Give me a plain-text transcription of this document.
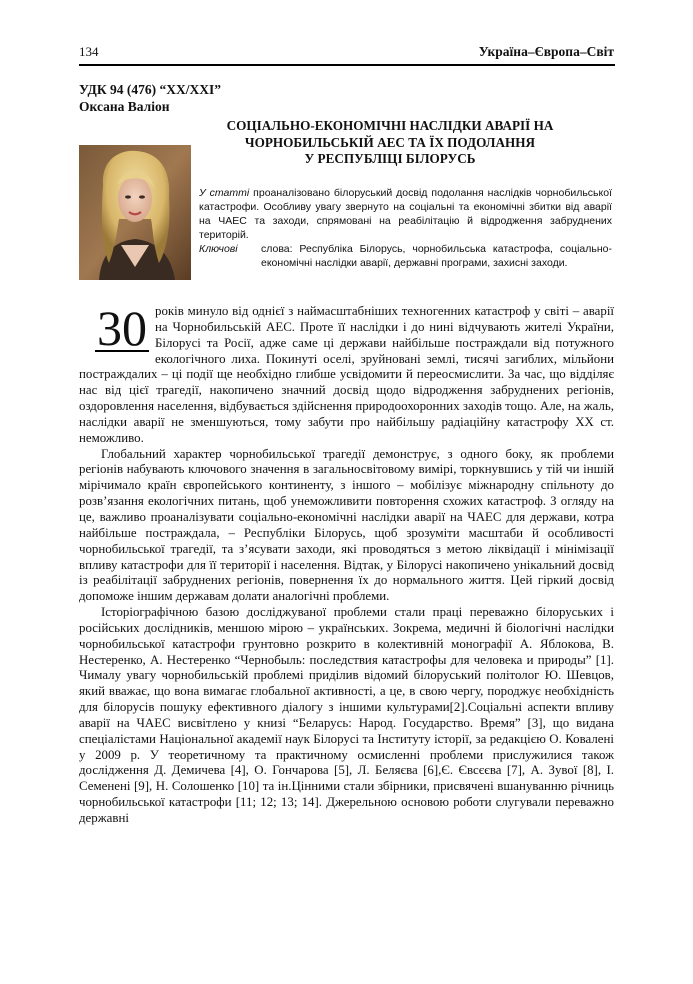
134	Україна–Європа–Світ
УДК 94 (476) “XX/XXI”
Оксана Валіон
СОЦІАЛЬНО-ЕКОНОМІЧНІ НАСЛІДКИ АВАРІЇ НА
ЧОРНОБИЛЬСЬКІЙ АЕС ТА ЇХ ПОДОЛАННЯ
У РЕСПУБЛІЦІ БІЛОРУСЬ
У статті проаналізовано білоруський досвід подолання наслідків чорнобильської катастрофи. Особливу увагу звернуто на соціальні та економічні збитки від аварії на ЧАЕС та заходи, спрямовані на реабілітацію й відродження забруднених територій.
Ключові слова: Республіка Білорусь, чорнобильська катастрофа, соціально-економічні наслідки аварії, державні програми, захисні заходи.

30 років минуло від однієї з наймасштабніших техногенних катастроф у світі – аварії на Чорнобильській АЕС. Проте її наслідки і до нині відчувають жителі України, Білорусі та Росії, адже саме ці держави найбільше постраждали від потужного екологічного лиха. Покинуті оселі, зруйновані землі, тисячі загиблих, мільйони постраждалих – ці події ще необхідно глибше усвідомити й переосмислити. За час, що відділяє нас від цієї трагедії, накопичено значний досвід щодо відродження забруднених регіонів, оздоровлення населення, відбувається здійснення природоохоронних заходів тощо. Але, на жаль, наслідки аварії не зменшуються, тому забути про найбільшу радіаційну катастрофу ХХ ст. неможливо.

Глобальний характер чорнобильської трагедії демонструє, з одного боку, як проблеми регіонів набувають ключового значення в загальносвітовому вимірі, торкнувшись у тій чи іншій мірічимало країн європейського континенту, з іншого – мобілізує міжнародну спільноту до розв’язання екологічних питань, щоб унеможливити повторення схожих катастроф. З огляду на це, важливо проаналізувати соціально-економічні наслідки аварії на ЧАЕС для держави, котра найбільше постраждала, – Республіки Білорусь, щоб зрозуміти масштаби й особливості чорнобильської трагедії, та з’ясувати заходи, які проводяться з метою ліквідації і мінімізації впливу катастрофи для її території і населення. Відтак, у Білорусі накопичено унікальний досвід із реабілітації забруднених регіонів, повернення їх до нормального життя. Цей гіркий досвід допоможе іншим державам долати аналогічні проблеми.

Історіографічною базою досліджуваної проблеми стали праці переважно білоруських і російських дослідників, меншою мірою – українських. Зокрема, медичні й біологічні наслідки чорнобильської катастрофи грунтовно розкрито в колективній монографії А. Яблокова, В. Нестеренко, А. Нестеренко “Чернобыль: последствия катастрофы для человека и природы” [1]. Чималу увагу чорнобильській проблемі приділив відомий білоруський політолог Ю. Шевцов, який вважає, що вона вимагає глобальної активності, а це, в свою чергу, породжує необхідність для білорусів пошуку ефективного діалогу з іншими культурами[2].Соціальні аспекти впливу аварії на ЧАЕС висвітлено у книзі “Беларусь: Народ. Государство. Время” [3], що видана спеціалістами Національної академії наук Білорусі та Інституту історії, за редакцією О. Ковалені у 2009 р. У теоретичному та практичному осмисленні проблеми прислужилися також дослідження Д. Демичева [4], О. Гончарова [5], Л. Беляєва [6],Є. Євсєєва [7], А. Зувої [8], І. Семенені [9], Н. Солошенко [10] та ін.Цінними стали збірники, присвячені вшануванню річниць чорнобильської катастрофи [11; 12; 13; 14]. Джерельною основою роботи слугували переважно державні
